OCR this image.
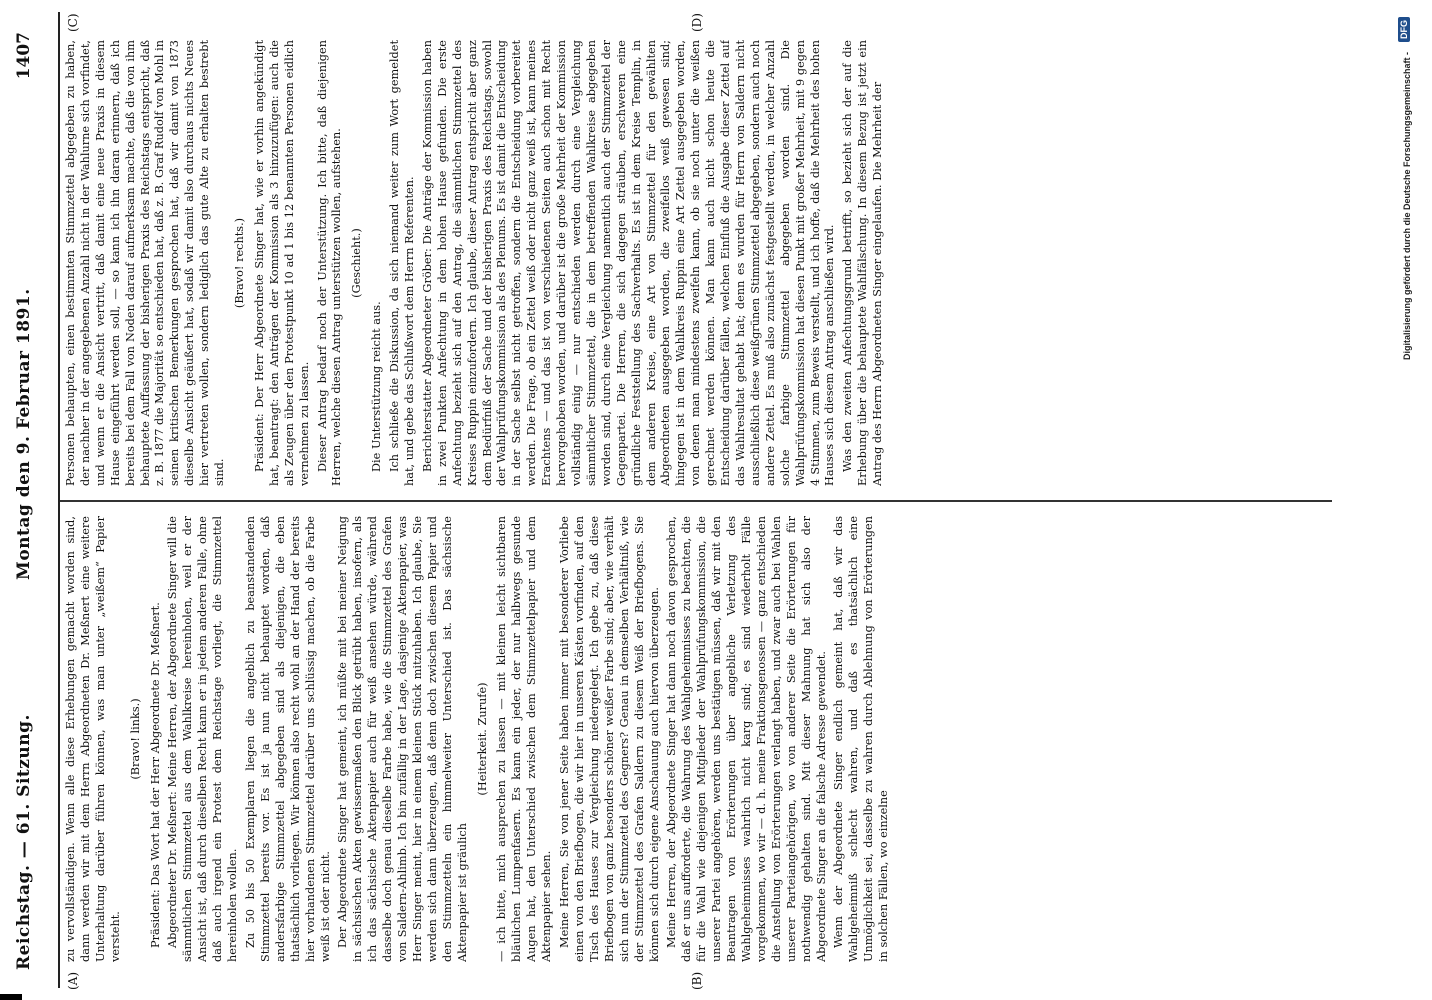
Reichstag. — 61. Sitzung.
Montag den 9. Februar 1891.
1407
(A)	(B)
(C)	(D)

zu vervollständigen. Wenn alle diese Erhebungen gemacht worden sind, dann werden wir mit dem Herrn Abgeordneten Dr. Meßnert eine weitere Unterhaltung darüber führen können, was man unter „weißem“ Papier versteht.

(Bravo! links.) Präsident: Das Wort hat der Herr Abgeordnete Dr. Meßnert. Abgeordneter Dr. Meßnert: Meine Herren, der Abgeordnete Singer will die sämmtlichen Stimmzettel aus dem Wahlkreise hereinholen, weil er der Ansicht ist, daß durch dieselben Recht kann er in jedem anderen Falle, ohne daß auch irgend ein Protest dem Reichstage vorliegt, die Stimmzettel hereinholen wollen. Zu 50 bis 50 Exemplaren liegen die angeblich zu beanstandenden Stimmzettel bereits vor. Es ist ja nun nicht behauptet worden, daß andersfarbige Stimmzettel abgegeben sind als diejenigen, die eben thatsächlich vorliegen. Wir können also recht wohl an der Hand der bereits hier vorhandenen Stimmzettel darüber uns schlüssig machen, ob die Farbe weiß ist oder nicht. Der Abgeordnete Singer hat gemeint, ich müßte mit bei meiner Neigung in sächsischen Akten gewissermaßen den Blick getrübt haben, insofern, als ich das sächsische Aktenpapier auch für weiß ansehen würde, während dasselbe doch genau dieselbe Farbe habe, wie die Stimmzettel des Grafen von Saldern-Ahlimb. Ich bin zufällig in der Lage, dasjenige Aktenpapier, was Herr Singer meint, hier in einem kleinen Stück mitzuhaben. Ich glaube, Sie werden sich dann überzeugen, daß denn doch zwischen diesem Papier und den Stimmzetteln ein himmelweiter Unterschied ist. Das sächsische Aktenpapier ist gräulich

(Heiterkeit. Zurufe) — ich bitte, mich ausprechen zu lassen — mit kleinen leicht sichtbaren bläulichen Lumpenfasern. Es kann ein jeder, der nur halbwegs gesunde Augen hat, den Unterschied zwischen dem Stimmzettelpapier und dem Aktenpapier sehen. Meine Herren, Sie von jener Seite haben immer mit besonderer Vorliebe einen von den Briefbogen, die wir hier in unseren Kästen vorfinden, auf den Tisch des Hauses zur Vergleichung niedergelegt. Ich gebe zu, daß diese Briefbogen von ganz besonders schöner weißer Farbe sind; aber, wie verhält sich nun der Stimmzettel des Gegners? Genau in demselben Verhältniß, wie der Stimmzettel des Grafen Saldern zu diesem Weiß der Briefbogens. Sie können sich durch eigene Anschauung auch hiervon überzeugen. Meine Herren, der Abgeordnete Singer hat dann noch davon gesprochen, daß er uns aufforderte, die Wahrung des Wahlgeheimnisses zu beachten, die für die Wahl wie diejenigen Mitglieder der Wahlprüfungskommission, die unserer Partei angehören, werden uns bestätigen müssen, daß wir mit den Beantragen von Erörterungen über angebliche Verletzung des Wahlgeheimnisses wahrlich nicht karg sind; es sind wiederholt Fälle vorgekommen, wo wir — d. h. meine Fraktionsgenossen — ganz entschieden die Anstellung von Erörterungen verlangt haben, und zwar auch bei Wahlen unserer Parteiangehörigen, wo von anderer Seite die Erörterungen für nothwendig gehalten sind. Mit dieser Mahnung hat sich also der Abgeordnete Singer an die falsche Adresse gewendet. Wenn der Abgeordnete Singer endlich gemeint hat, daß wir das Wahlgeheimniß schlecht wahren, und daß es thatsächlich eine Unmöglichkeit sei, dasselbe zu wahren durch Ablehnung von Erörterungen in solchen Fällen, wo einzelne

Personen behaupten, einen bestimmten Stimmzettel abgegeben zu haben, der nachher in der angegebenen Anzahl nicht in der Wahlurne sich vorfindet, und wenn er die Ansicht vertritt, daß damit eine neue Praxis in diesem Hause eingeführt werden soll, — so kann ich ihn daran erinnern, daß ich bereits bei dem Fall von Noden darauf aufmerksam machte, daß die von ihm behauptete Auffassung der bisherigen Praxis des Reichstags entspricht, daß z. B. 1877 die Majorität so entschieden hat, daß z. B. Graf Rudolf von Mohl in seinen kritischen Bemerkungen gesprochen hat, daß wir damit von 1873 dieselbe Ansicht geäußert hat, sodaß wir damit also durchaus nichts Neues hier vertreten wollen, sondern lediglich das gute Alte zu erhalten bestrebt sind.

(Bravo! rechts.) Präsident: Der Herr Abgeordnete Singer hat, wie er vorhin angekündigt hat, beantragt: den Anträgen der Kommission als 3 hinzuzufügen: auch die als Zeugen über den Protestpunkt 10 ad 1 bis 12 benannten Personen eidlich vernehmen zu lassen. Dieser Antrag bedarf noch der Unterstützung. Ich bitte, daß diejenigen Herren, welche diesen Antrag unterstützen wollen, aufstehen. (Geschieht.)

Die Unterstützung reicht aus. Ich schließe die Diskussion, da sich niemand weiter zum Wort gemeldet hat, und gebe das Schlußwort dem Herrn Referenten. Berichterstatter Abgeordneter Gröber: Die Anträge der Kommission haben in zwei Punkten Anfechtung in dem hohen Hause gefunden. Die erste Anfechtung bezieht sich auf den Antrag, die sämmtlichen Stimmzettel des Kreises Ruppin einzufordern. Ich glaube, dieser Antrag entspricht aber ganz dem Bedürfniß der Sache und der bisherigen Praxis des Reichstags, sowohl der Wahlprüfungskommission als des Plenums. Es ist damit die Entscheidung in der Sache selbst nicht getroffen, sondern die Entscheidung vorbereitet werden. Die Frage, ob ein Zettel weiß oder nicht ganz weiß ist, kann meines Erachtens — und das ist von verschiedenen Seiten auch schon mit Recht hervorgehoben worden, und darüber ist die große Mehrheit der Kommission vollständig einig — nur entschieden werden durch eine Vergleichung sämmtlicher Stimmzettel, die in dem betreffenden Wahlkreise abgegeben worden sind, durch eine Vergleichung namentlich auch der Stimmzettel der Gegenpartei. Die Herren, die sich dagegen sträuben, erschweren eine gründliche Feststellung des Sachverhalts. Es ist in dem Kreise Templin, in dem anderen Kreise, eine Art von Stimmzettel für den gewählten Abgeordneten ausgegeben worden, die zweifellos weiß gewesen sind; hingegen ist in dem Wahlkreis Ruppin eine Art Zettel ausgegeben worden, von denen man mindestens zweifeln kann, ob sie noch unter die weißen gerechnet werden können. Man kann auch nicht schon heute die Entscheidung darüber fällen, welchen Einfluß die Ausgabe dieser Zettel auf das Wahlresultat gehabt hat; denn es wurden für Herrn von Saldern nicht ausschließlich diese weißgrünen Stimmzettel abgegeben, sondern auch noch andere Zettel. Es muß also zunächst festgestellt werden, in welcher Anzahl solche farbige Stimmzettel abgegeben worden sind. Die Wahlprüfungskommission hat diesen Punkt mit großer Mehrheit, mit 9 gegen 4 Stimmen, zum Beweis verstellt, und ich hoffe, daß die Mehrheit des hohen Hauses sich diesem Antrag anschließen wird. Was den zweiten Anfechtungsgrund betrifft, so bezieht sich der auf die Erhebung über die behauptete Wahlfälschung. In diesem Bezug ist jetzt ein Antrag des Herrn Abgeordneten Singer eingelaufen. Die Mehrheit der	Digitalisierung gefördert durch die Deutsche Forschungsgemeinschaft -
DFG
